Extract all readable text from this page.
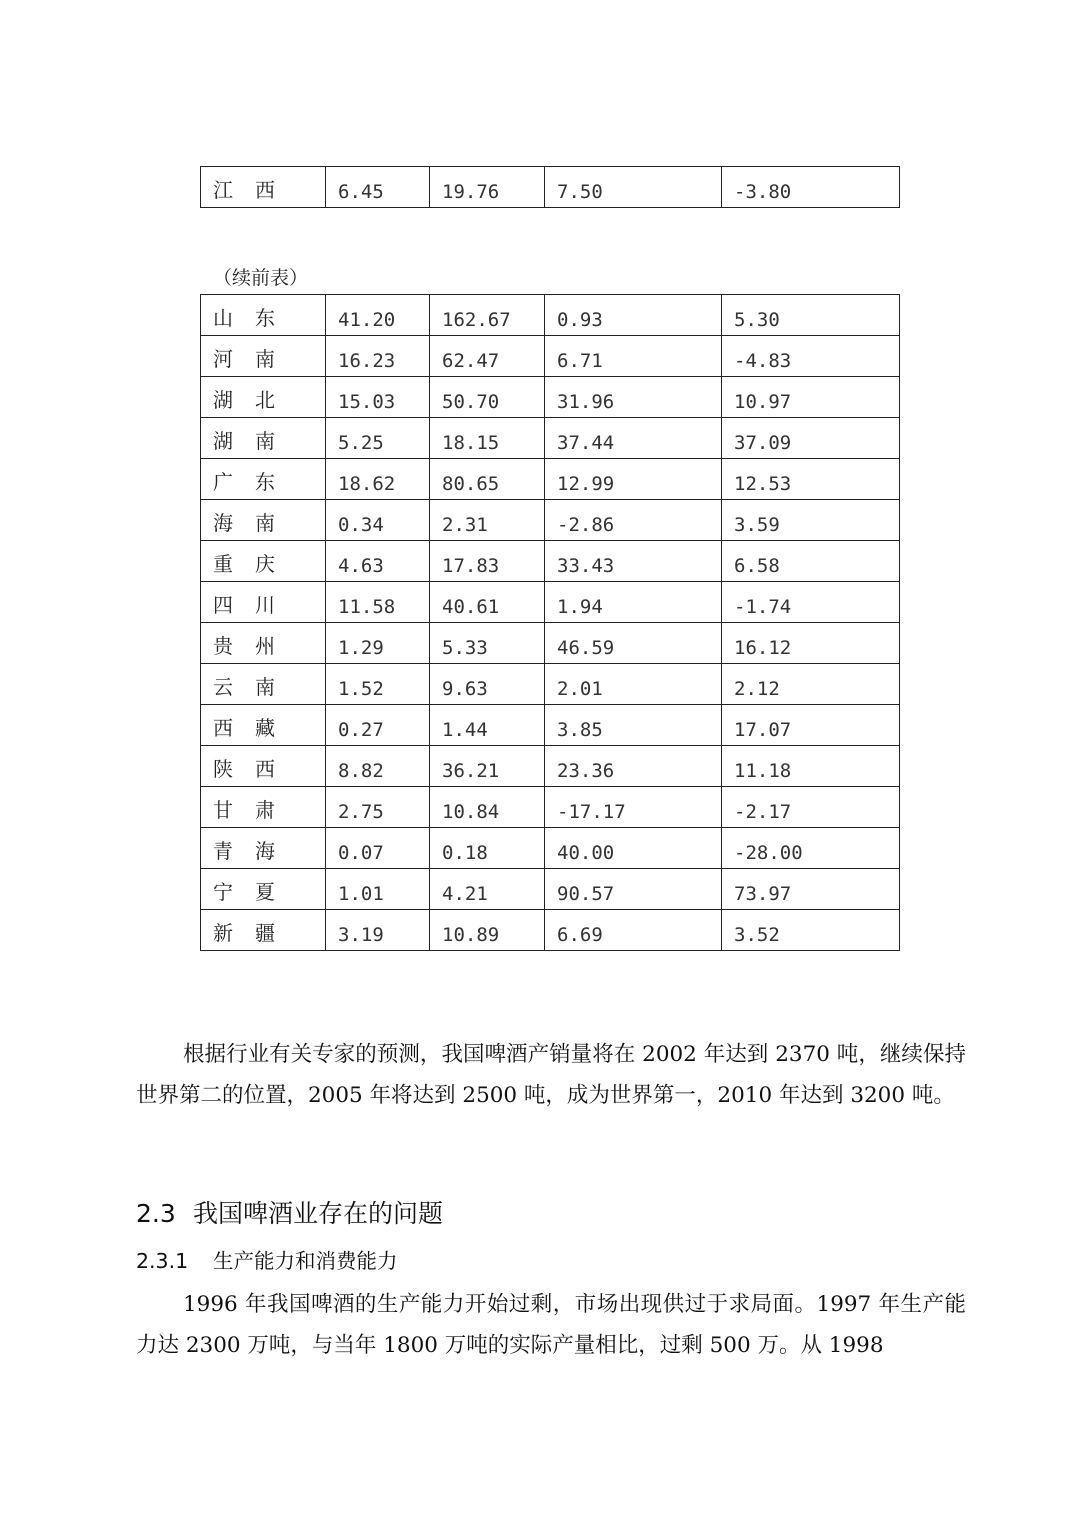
江 西	6.45	19.76	7.50	-3.80
（续前表）
山 东	41.20	162.67	0.93	5.30
河 南	16.23	62.47	6.71	-4.83
湖 北	15.03	50.70	31.96	10.97
湖 南	5.25	18.15	37.44	37.09
广 东	18.62	80.65	12.99	12.53
海 南	0.34	2.31	-2.86	3.59
重 庆	4.63	17.83	33.43	6.58
四 川	11.58	40.61	1.94	-1.74
贵 州	1.29	5.33	46.59	16.12
云 南	1.52	9.63	2.01	2.12
西 藏	0.27	1.44	3.85	17.07
陕 西	8.82	36.21	23.36	11.18
甘 肃	2.75	10.84	-17.17	-2.17
青 海	0.07	0.18	40.00	-28.00
宁 夏	1.01	4.21	90.57	73.97
新 疆	3.19	10.89	6.69	3.52

根据行业有关专家的预测，我国啤酒产销量将在 2002 年达到 2370 吨，继续保持世界第二的位置，2005 年将达到 2500 吨，成为世界第一，2010 年达到 3200 吨。

2.3 我国啤酒业存在的问题
2.3.1 生产能力和消费能力

1996 年我国啤酒的生产能力开始过剩，市场出现供过于求局面。1997 年生产能力达 2300 万吨，与当年 1800 万吨的实际产量相比，过剩 500 万。从 1998
